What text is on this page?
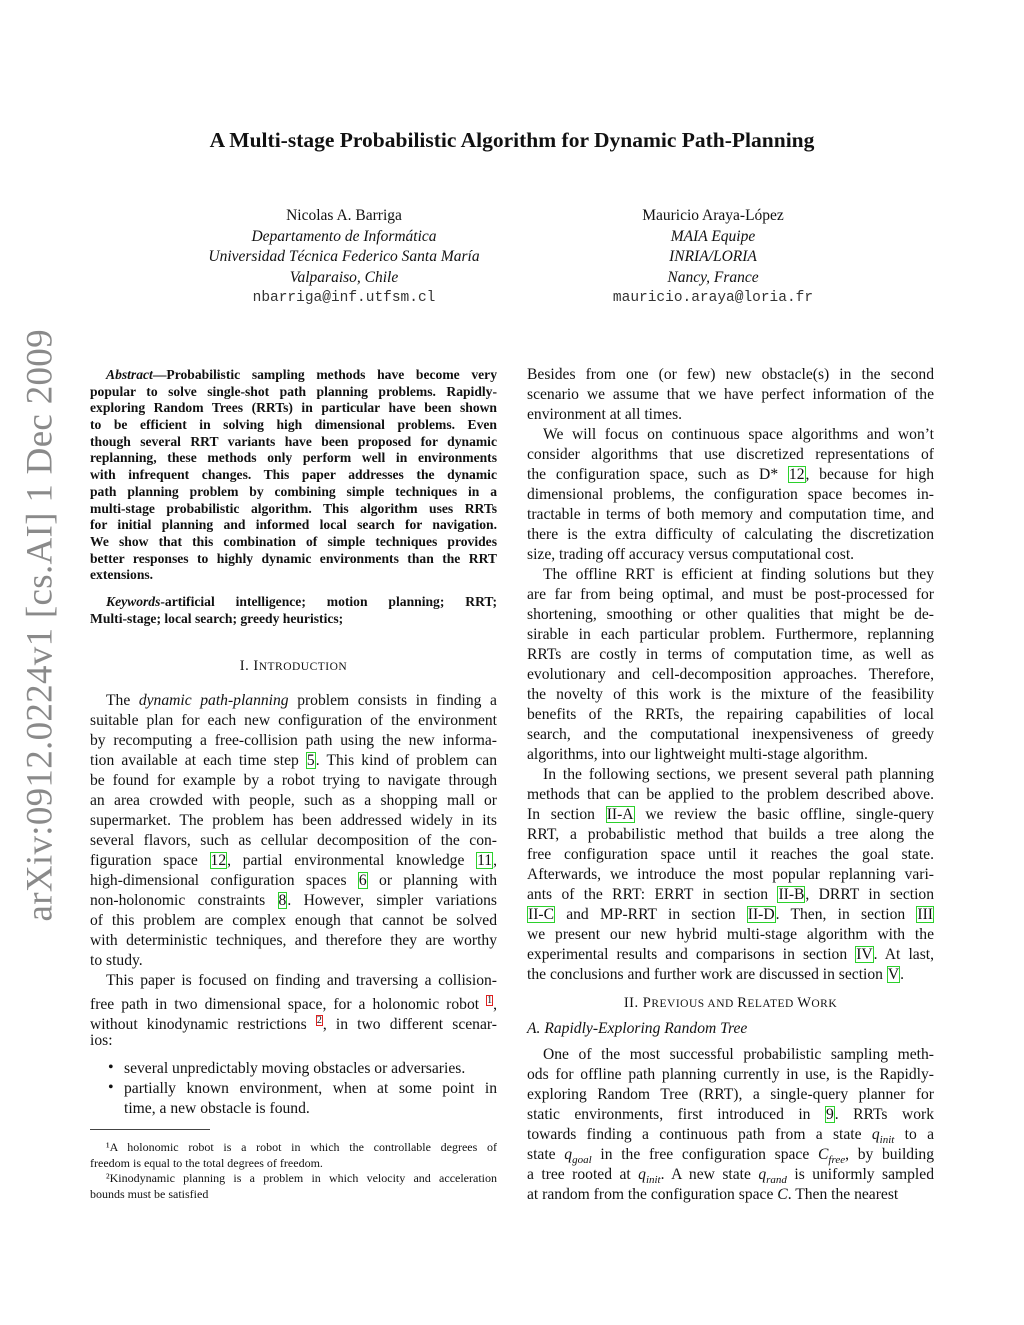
arXiv:0912.0224v1 [cs.AI] 1 Dec 2009
A Multi-stage Probabilistic Algorithm for Dynamic Path-Planning
Nicolas A. Barriga
Departamento de Informática
Universidad Técnica Federico Santa María
Valparaiso, Chile
nbarriga@inf.utfsm.cl
Mauricio Araya-López
MAIA Equipe
INRIA/LORIA
Nancy, France
mauricio.araya@loria.fr
Abstract—Probabilistic sampling methods have become very
popular to solve single-shot path planning problems. Rapidly-
exploring Random Trees (RRTs) in particular have been shown
to be efficient in solving high dimensional problems. Even
though several RRT variants have been proposed for dynamic
replanning, these methods only perform well in environments
with infrequent changes. This paper addresses the dynamic
path planning problem by combining simple techniques in a
multi-stage probabilistic algorithm. This algorithm uses RRTs
for initial planning and informed local search for navigation.
We show that this combination of simple techniques provides
better responses to highly dynamic environments than the RRT
extensions.
Keywords-artificial intelligence; motion planning; RRT;
Multi-stage; local search; greedy heuristics;
I. INTRODUCTION
The dynamic path-planning problem consists in finding a
suitable plan for each new configuration of the environment
by recomputing a free-collision path using the new informa-
tion available at each time step 5. This kind of problem can
be found for example by a robot trying to navigate through
an area crowded with people, such as a shopping mall or
supermarket. The problem has been addressed widely in its
several flavors, such as cellular decomposition of the con-
figuration space 12, partial environmental knowledge 11,
high-dimensional configuration spaces 6 or planning with
non-holonomic constraints 8. However, simpler variations
of this problem are complex enough that cannot be solved
with deterministic techniques, and therefore they are worthy
to study.
This paper is focused on finding and traversing a collision-
free path in two dimensional space, for a holonomic robot $^1$,
without kinodynamic restrictions $^2$, in two different scenar-
ios:
• several unpredictably moving obstacles or adversaries.
• partially known environment, when at some point in
time, a new obstacle is found.
¹A holonomic robot is a robot in which the controllable degrees of
freedom is equal to the total degrees of freedom.
²Kinodynamic planning is a problem in which velocity and acceleration
bounds must be satisfied
Besides from one (or few) new obstacle(s) in the second
scenario we assume that we have perfect information of the
environment at all times.
We will focus on continuous space algorithms and won’t
consider algorithms that use discretized representations of
the configuration space, such as D* 12, because for high
dimensional problems, the configuration space becomes in-
tractable in terms of both memory and computation time, and
there is the extra difficulty of calculating the discretization
size, trading off accuracy versus computational cost.
The offline RRT is efficient at finding solutions but they
are far from being optimal, and must be post-processed for
shortening, smoothing or other qualities that might be de-
sirable in each particular problem. Furthermore, replanning
RRTs are costly in terms of computation time, as well as
evolutionary and cell-decomposition approaches. Therefore,
the novelty of this work is the mixture of the feasibility
benefits of the RRTs, the repairing capabilities of local
search, and the computational inexpensiveness of greedy
algorithms, into our lightweight multi-stage algorithm.
In the following sections, we present several path planning
methods that can be applied to the problem described above.
In section II-A we review the basic offline, single-query
RRT, a probabilistic method that builds a tree along the
free configuration space until it reaches the goal state.
Afterwards, we introduce the most popular replanning vari-
ants of the RRT: ERRT in section II-B, DRRT in section
II-C and MP-RRT in section II-D. Then, in section III
we present our new hybrid multi-stage algorithm with the
experimental results and comparisons in section IV. At last,
the conclusions and further work are discussed in section V.
II. PREVIOUS AND RELATED WORK
A. Rapidly-Exploring Random Tree
One of the most successful probabilistic sampling meth-
ods for offline path planning currently in use, is the Rapidly-
exploring Random Tree (RRT), a single-query planner for
static environments, first introduced in 9. RRTs work
towards finding a continuous path from a state $q_{init}$ to a
state $q_{goal}$ in the free configuration space $C_{free}$, by building
a tree rooted at $q_{init}$. A new state $q_{rand}$ is uniformly sampled
at random from the configuration space C. Then the nearest
